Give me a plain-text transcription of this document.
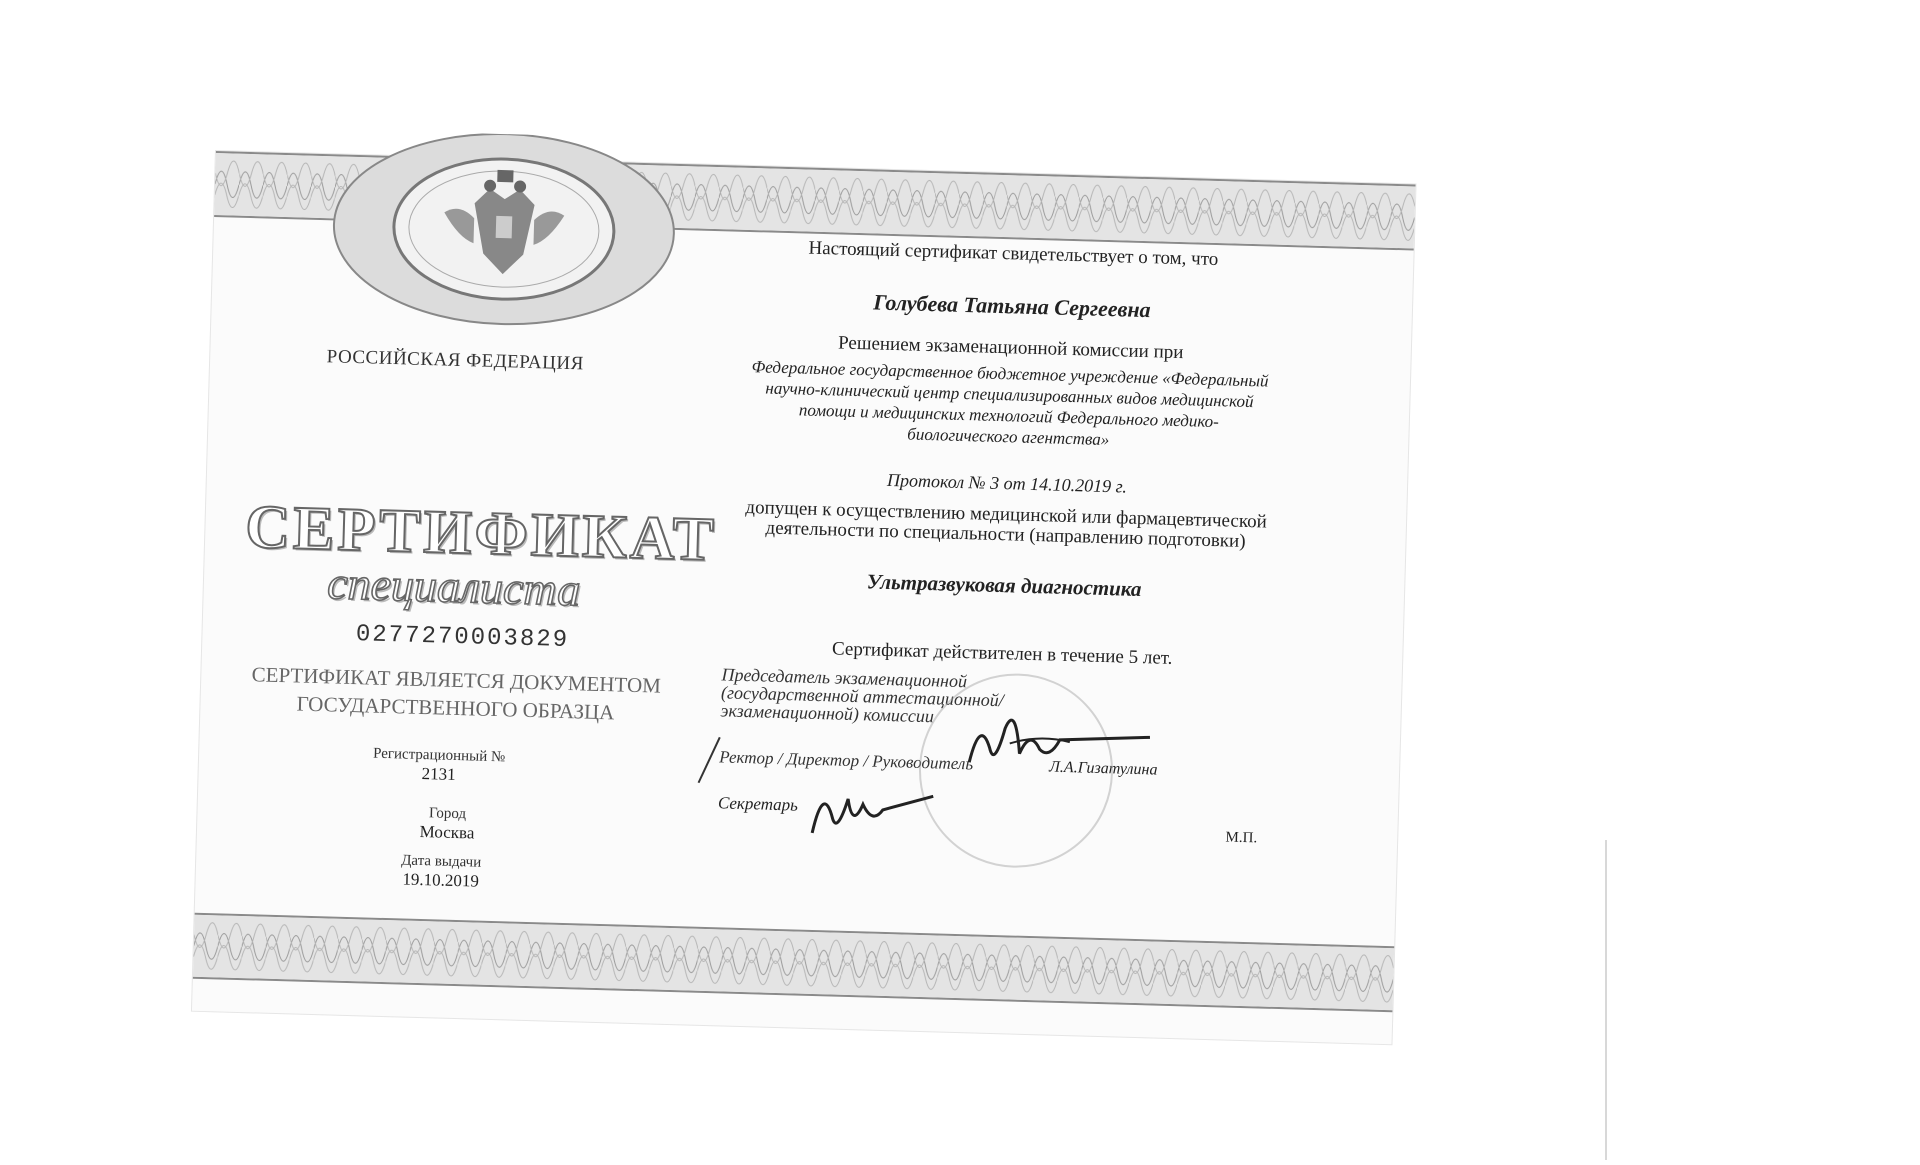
РОССИЙСКАЯ ФЕДЕРАЦИЯ
СЕРТИФИКАТ
специалиста
0277270003829
СЕРТИФИКАТ ЯВЛЯЕТСЯ ДОКУМЕНТОМ ГОСУДАРСТВЕННОГО ОБРАЗЦА
Регистрационный №
2131
Город
Москва
Дата выдачи
19.10.2019
Настоящий сертификат свидетельствует о том, что
Голубева Татьяна Сергеевна
Решением экзаменационной комиссии при
Федеральное государственное бюджетное учреждение «Федеральный научно-клинический центр специализированных видов медицинской помощи и медицинских технологий Федерального медико-биологического агентства»
Протокол № 3 от 14.10.2019 г.
допущен к осуществлению медицинской или фармацевтической деятельности по специальности (направлению подготовки)
Ультразвуковая диагностика
Сертификат действителен в течение 5 лет.
Председатель экзаменационной (государственной аттестационной/ экзаменационной) комиссии
Ректор / Директор / Руководитель	Л.А.Гизатулина
Секретарь
М.П.
